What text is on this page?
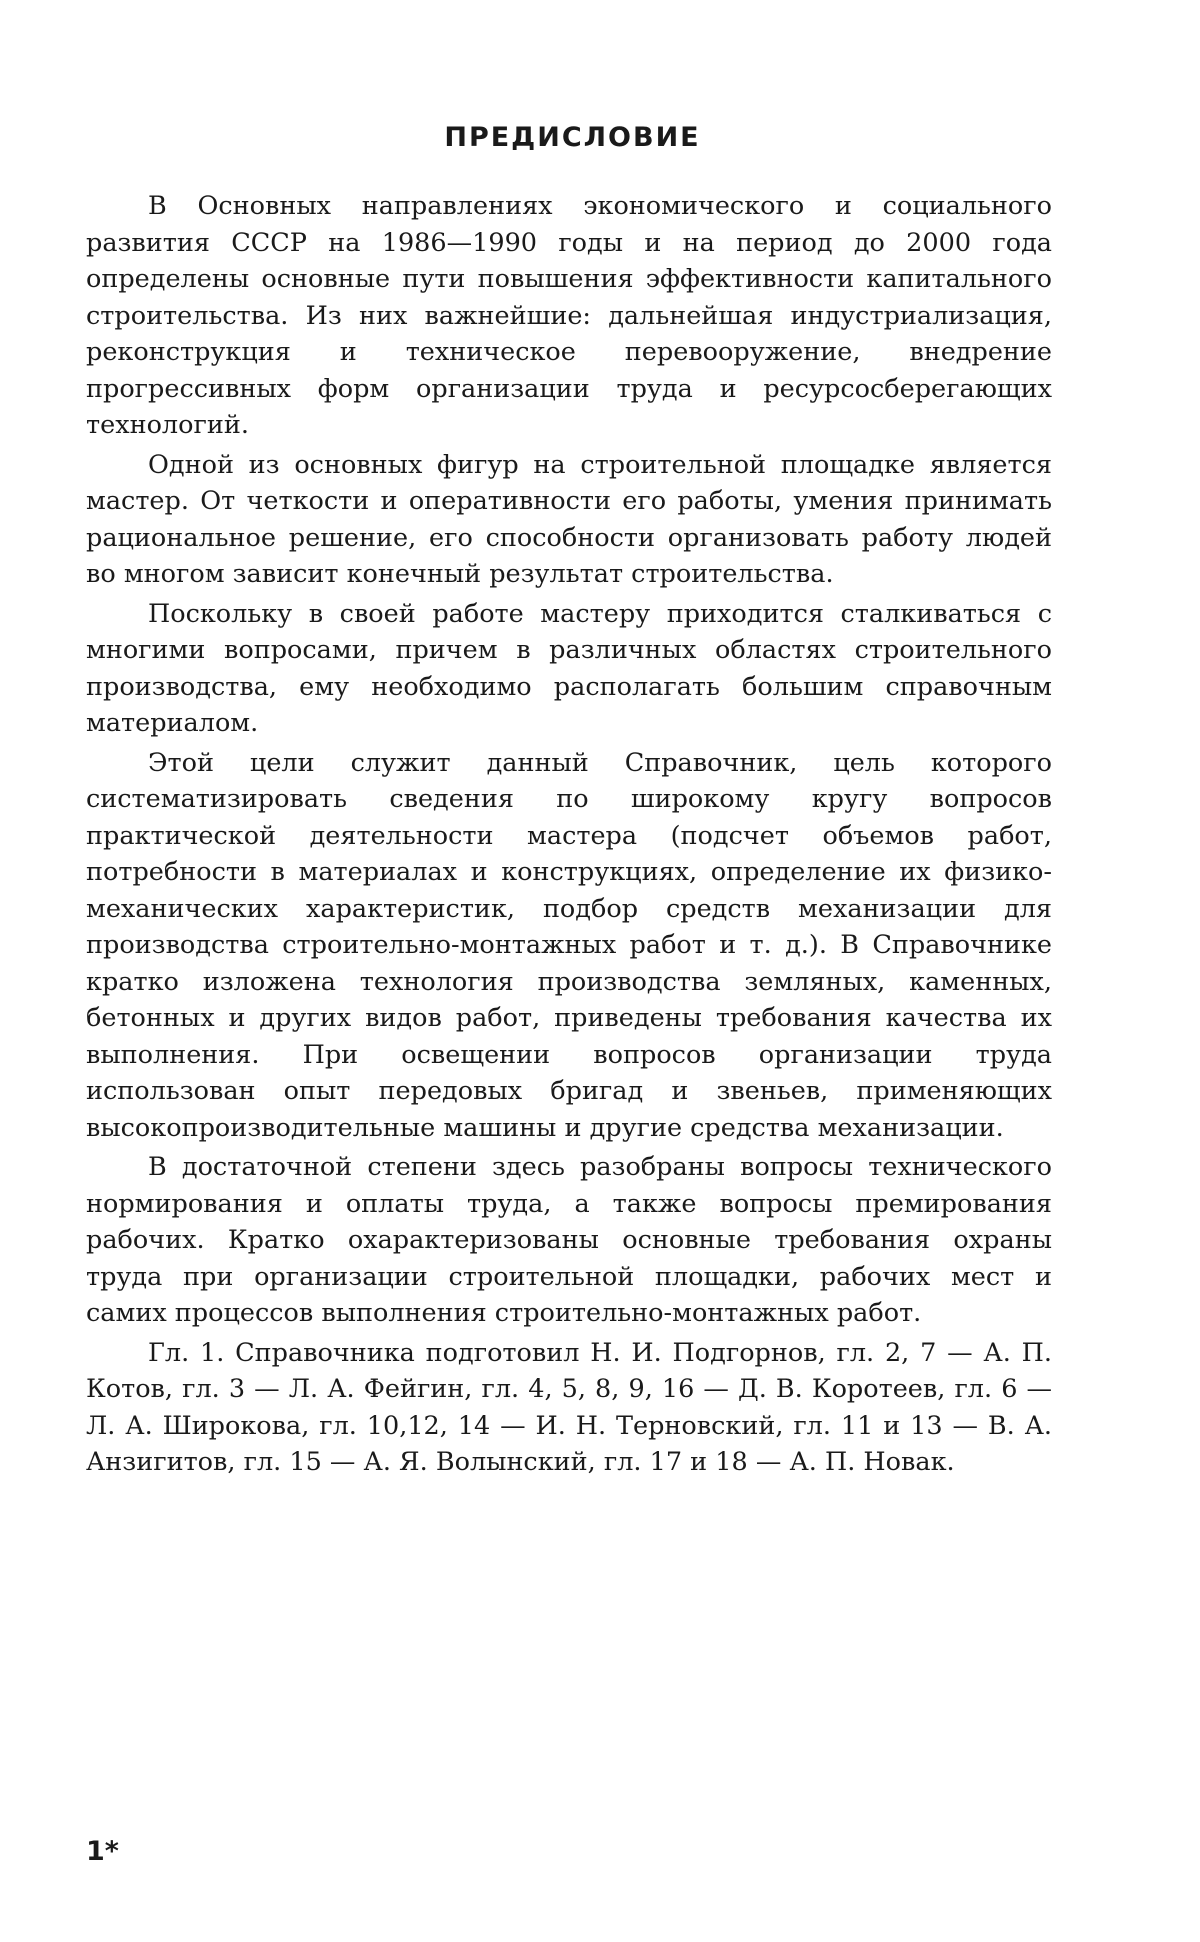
ПРЕДИСЛОВИЕ

В Основных направлениях экономического и социального развития СССР на 1986—1990 годы и на период до 2000 года определены основные пути повышения эффективности капитального строительства. Из них важнейшие: дальнейшая индустриализация, реконструкция и техническое перевооружение, внедрение прогрессивных форм организации труда и ресурсосберегающих технологий.

Одной из основных фигур на строительной площадке является мастер. От четкости и оперативности его работы, умения принимать рациональное решение, его способности организовать работу людей во многом зависит конечный результат строительства.

Поскольку в своей работе мастеру приходится сталкиваться с многими вопросами, причем в различных областях строительного производства, ему необходимо располагать большим справочным материалом.

Этой цели служит данный Справочник, цель которого систематизировать сведения по широкому кругу вопросов практической деятельности мастера (подсчет объемов работ, потребности в материалах и конструкциях, определение их физико-механических характеристик, подбор средств механизации для производства строительно-монтажных работ и т. д.). В Справочнике кратко изложена технология производства земляных, каменных, бетонных и других видов работ, приведены требования качества их выполнения. При освещении вопросов организации труда использован опыт передовых бригад и звеньев, применяющих высокопроизводительные машины и другие средства механизации.

В достаточной степени здесь разобраны вопросы технического нормирования и оплаты труда, а также вопросы премирования рабочих. Кратко охарактеризованы основные требования охраны труда при организации строительной площадки, рабочих мест и самих процессов выполнения строительно-монтажных работ.

Гл. 1. Справочника подготовил Н. И. Подгорнов, гл. 2, 7 — А. П. Котов, гл. 3 — Л. А. Фейгин, гл. 4, 5, 8, 9, 16 — Д. В. Коротеев, гл. 6 — Л. А. Широкова, гл. 10,12, 14 — И. Н. Терновский, гл. 11 и 13 — В. А. Анзигитов, гл. 15 — А. Я. Волынский, гл. 17 и 18 — А. П. Новак.

1*
